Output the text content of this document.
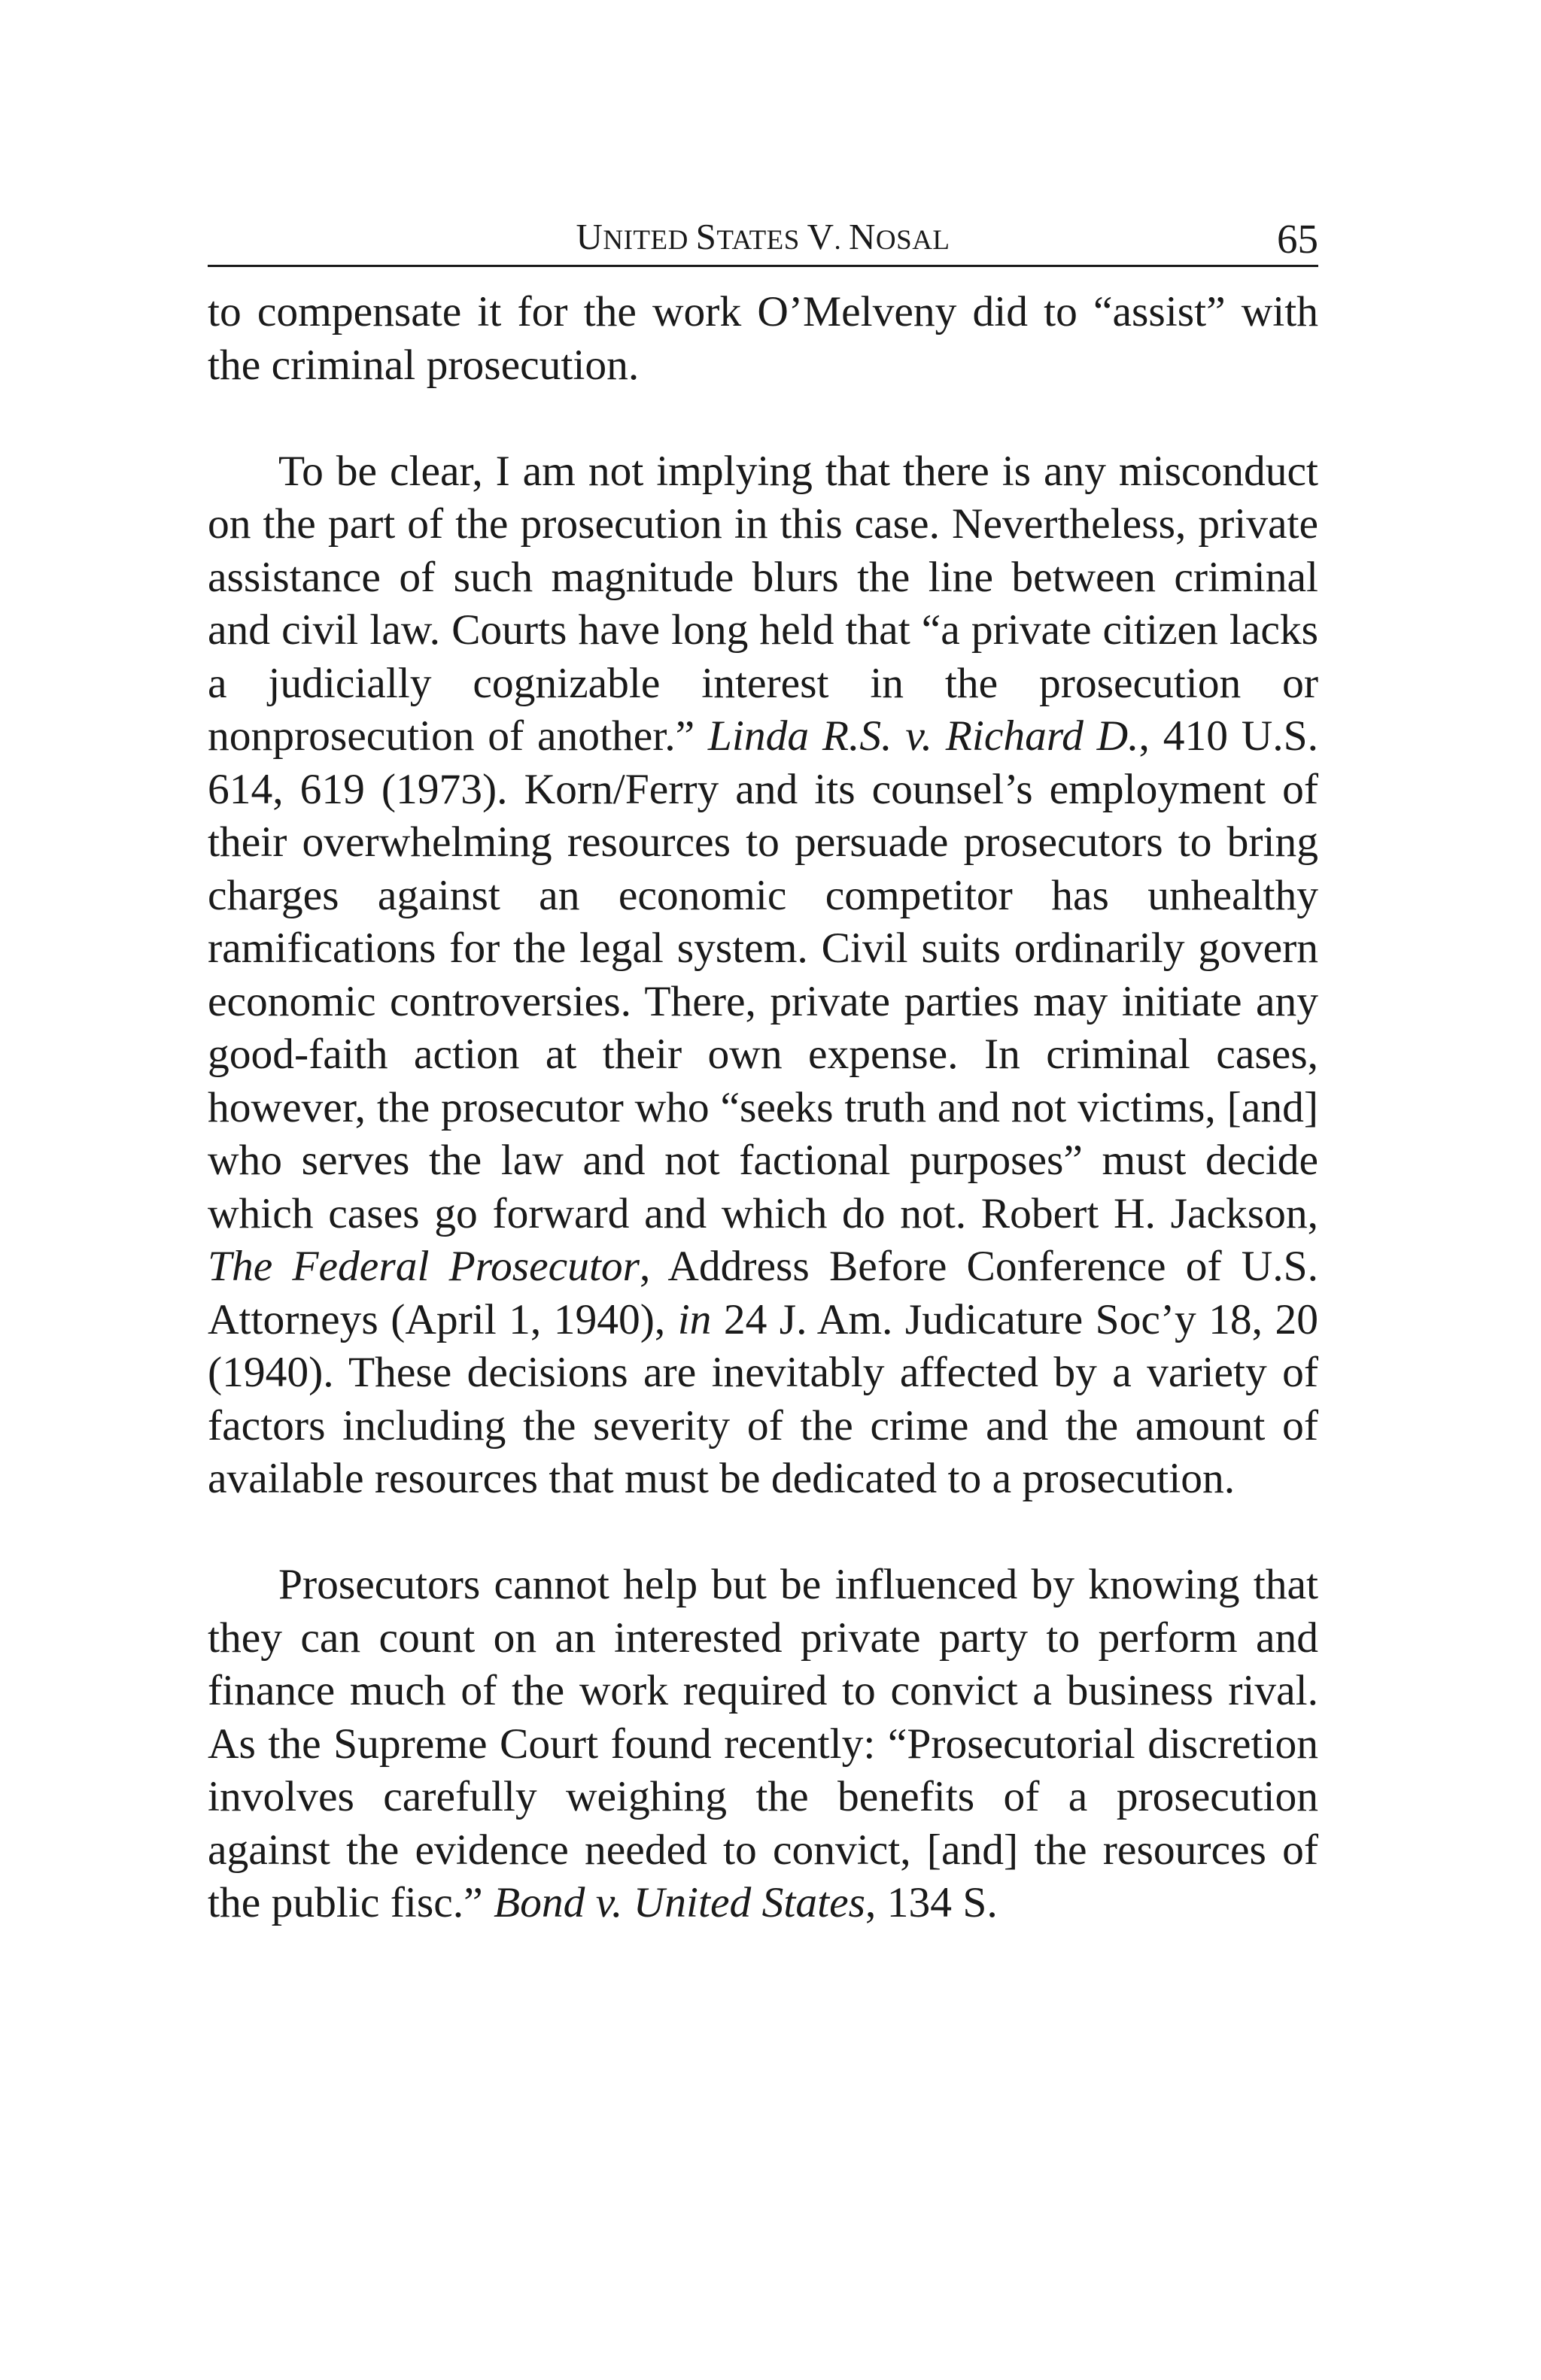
UNITED STATES V. NOSAL	65

to compensate it for the work O’Melveny did to “assist” with the criminal prosecution.

To be clear, I am not implying that there is any misconduct on the part of the prosecution in this case. Nevertheless, private assistance of such magnitude blurs the line between criminal and civil law. Courts have long held that “a private citizen lacks a judicially cognizable interest in the prosecution or nonprosecution of another.” Linda R.S. v. Richard D., 410 U.S. 614, 619 (1973). Korn/Ferry and its counsel’s employment of their overwhelming resources to persuade prosecutors to bring charges against an economic competitor has unhealthy ramifications for the legal system. Civil suits ordinarily govern economic controversies. There, private parties may initiate any good-faith action at their own expense. In criminal cases, however, the prosecutor who “seeks truth and not victims, [and] who serves the law and not factional purposes” must decide which cases go forward and which do not. Robert H. Jackson, The Federal Prosecutor, Address Before Conference of U.S. Attorneys (April 1, 1940), in 24 J. Am. Judicature Soc’y 18, 20 (1940). These decisions are inevitably affected by a variety of factors including the severity of the crime and the amount of available resources that must be dedicated to a prosecution.

Prosecutors cannot help but be influenced by knowing that they can count on an interested private party to perform and finance much of the work required to convict a business rival. As the Supreme Court found recently: “Prosecutorial discretion involves carefully weighing the benefits of a prosecution against the evidence needed to convict, [and] the resources of the public fisc.” Bond v. United States, 134 S.
